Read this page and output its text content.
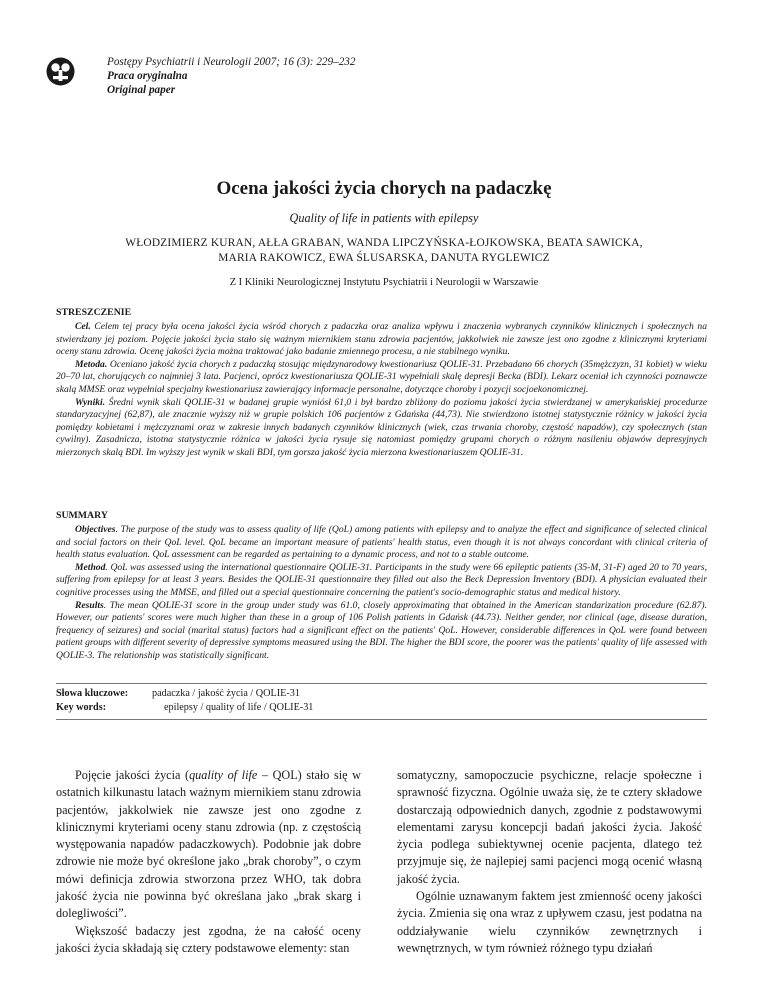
Postępy Psychiatrii i Neurologii 2007; 16 (3): 229–232
Praca oryginalna
Original paper
Ocena jakości życia chorych na padaczkę
Quality of life in patients with epilepsy
WŁODZIMIERZ KURAN, AŁŁA GRABAN, WANDA LIPCZYŃSKA-ŁOJKOWSKA, BEATA SAWICKA,
MARIA RAKOWICZ, EWA ŚLUSARSKA, DANUTA RYGLEWICZ
Z I Kliniki Neurologicznej Instytutu Psychiatrii i Neurologii w Warszawie
STRESZCZENIE

Cel. Celem tej pracy była ocena jakości życia wśród chorych z padaczka oraz analiza wpływu i znaczenia wybranych czynników klinicznych i społecznych na stwierdzany jej poziom. Pojęcie jakości życia stało się ważnym miernikiem stanu zdrowia pacjentów, jakkolwiek nie zawsze jest ono zgodne z klinicznymi kryteriami oceny stanu zdrowia. Ocenę jakości życia można traktować jako badanie zmiennego procesu, a nie stabilnego wyniku.

Metoda. Oceniano jakość życia chorych z padaczką stosując międzynarodowy kwestionariusz QOLIE-31. Przebadano 66 chorych (35mężczyzn, 31 kobiet) w wieku 20–70 lat, chorujących co najmniej 3 lata. Pacjenci, oprócz kwestionariusza QOLIE-31 wypełniali skalę depresji Becka (BDI). Lekarz oceniał ich czynności poznawcze skalą MMSE oraz wypełniał specjalny kwestionariusz zawierający informacje personalne, dotyczące choroby i pozycji socjoekonomicznej.

Wyniki. Średni wynik skali QOLIE-31 w badanej grupie wyniósł 61,0 i był bardzo zbliżony do poziomu jakości życia stwierdzanej w amerykańskiej procedurze standaryzacyjnej (62,87), ale znacznie wyższy niż w grupie polskich 106 pacjentów z Gdańska (44,73). Nie stwierdzono istotnej statystycznie różnicy w jakości życia pomiędzy kobietami i mężczyznami oraz w zakresie innych badanych czynników klinicznych (wiek, czas trwania choroby, częstość napadów), czy społecznych (stan cywilny). Zasadnicza, istotna statystycznie różnica w jakości życia rysuje się natomiast pomiędzy grupami chorych o różnym nasileniu objawów depresyjnych mierzonych skalą BDI. Im wyższy jest wynik w skali BDI, tym gorsza jakość życia mierzona kwestionariuszem QOLIE-31.

SUMMARY

Objectives. The purpose of the study was to assess quality of life (QoL) among patients with epilepsy and to analyze the effect and significance of selected clinical and social factors on their QoL level. QoL became an important measure of patients' health status, even though it is not always concordant with clinical criteria of health status evaluation. QoL assessment can be regarded as pertaining to a dynamic process, and not to a stable outcome.

Method. QoL was assessed using the international questionnaire QOLIE-31. Participants in the study were 66 epileptic patients (35-M, 31-F) aged 20 to 70 years, suffering from epilepsy for at least 3 years. Besides the QOLIE-31 questionnaire they filled out also the Beck Depression Inventory (BDI). A physician evaluated their cognitive processes using the MMSE, and filled out a special questionnaire concerning the patient's socio-demographic status and medical history.

Results. The mean QOLIE-31 score in the group under study was 61.0, closely approximating that obtained in the American standarization procedure (62.87). However, our patients' scores were much higher than these in a group of 106 Polish patients in Gdańsk (44.73). Neither gender, nor clinical (age, disease duration, frequency of seizures) and social (marital status) factors had a significant effect on the patients' QoL. However, considerable differences in QoL were found between patient groups with different severity of depressive symptoms measured using the BDI. The higher the BDI score, the poorer was the patients' quality of life assessed with QOLIE-3. The relationship was statistically significant.

Słowa kluczowe: padaczka / jakość życia / QOLIE-31
Key words:	epilepsy / quality of life / QOLIE-31

Pojęcie jakości życia (quality of life – QOL) stało się w ostatnich kilkunastu latach ważnym miernikiem stanu zdrowia pacjentów, jakkolwiek nie zawsze jest ono zgodne z klinicznymi kryteriami oceny stanu zdrowia (np. z częstością występowania napadów padaczkowych). Podobnie jak dobre zdrowie nie może być określone jako „brak choroby”, o czym mówi definicja zdrowia stworzona przez WHO, tak dobra jakość życia nie powinna być określana jako „brak skarg i dolegliwości”.

Większość badaczy jest zgodna, że na całość oceny jakości życia składają się cztery podstawowe elementy: stan

somatyczny, samopoczucie psychiczne, relacje społeczne i sprawność fizyczna. Ogólnie uważa się, że te cztery składowe dostarczają odpowiednich danych, zgodnie z podstawowymi elementami zarysu koncepcji badań jakości życia. Jakość życia podlega subiektywnej ocenie pacjenta, dlatego też przyjmuje się, że najlepiej sami pacjenci mogą ocenić własną jakość życia.

Ogólnie uznawanym faktem jest zmienność oceny jakości życia. Zmienia się ona wraz z upływem czasu, jest podatna na oddziaływanie wielu czynników zewnętrznych i wewnętrznych, w tym również różnego typu działań
